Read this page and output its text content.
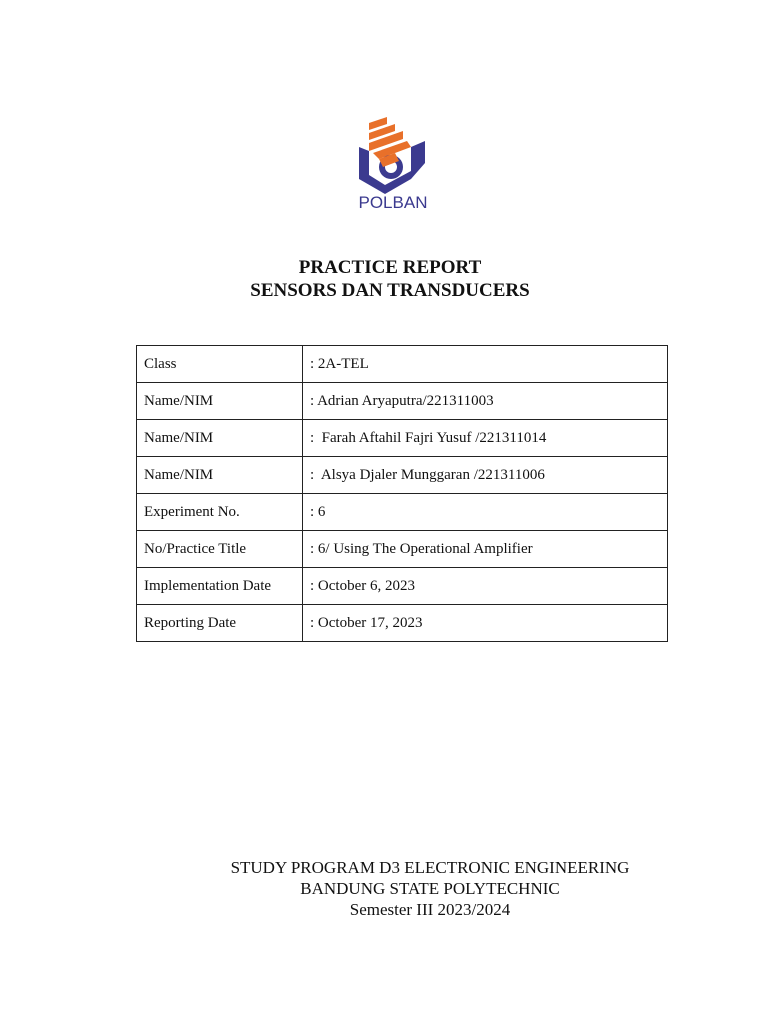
POLBAN
PRACTICE REPORT
SENSORS DAN TRANSDUCERS
Class	: 2A-TEL
Name/NIM	: Adrian Aryaputra/221311003
Name/NIM	:  Farah Aftahil Fajri Yusuf /221311014
Name/NIM	:  Alsya Djaler Munggaran /221311006
Experiment No.	: 6
No/Practice Title	: 6/ Using The Operational Amplifier
Implementation Date	: October 6, 2023
Reporting Date	: October 17, 2023
STUDY PROGRAM D3 ELECTRONIC ENGINEERING
BANDUNG STATE POLYTECHNIC
Semester III 2023/2024
